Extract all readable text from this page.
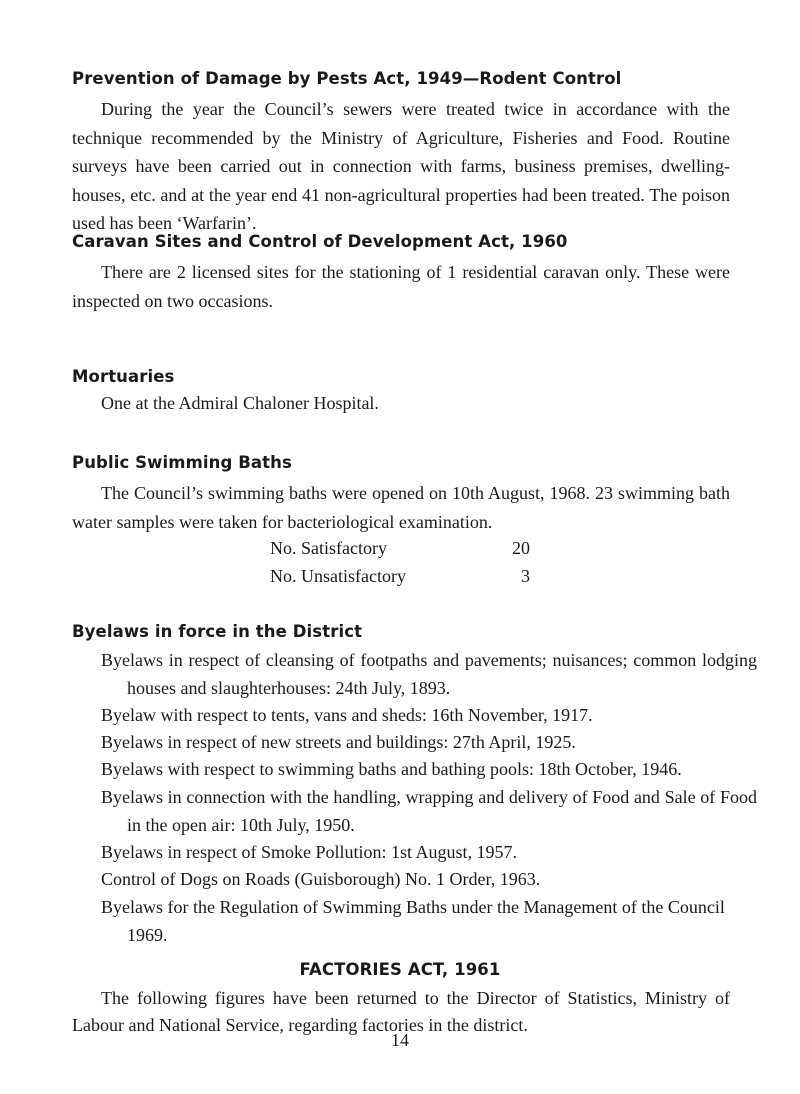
Prevention of Damage by Pests Act, 1949—Rodent Control

During the year the Council’s sewers were treated twice in accordance with the technique recommended by the Ministry of Agriculture, Fisheries and Food. Routine surveys have been carried out in connection with farms, business premises, dwelling-houses, etc. and at the year end 41 non-agricultural properties had been treated. The poison used has been ‘Warfarin’.

Caravan Sites and Control of Development Act, 1960

There are 2 licensed sites for the stationing of 1 residential caravan only. These were inspected on two occasions.

Mortuaries

One at the Admiral Chaloner Hospital.

Public Swimming Baths

The Council’s swimming baths were opened on 10th August, 1968. 23 swimming bath water samples were taken for bacteriological examination.

No. Satisfactory	20
No. Unsatisfactory	3
Byelaws in force in the District

Byelaws in respect of cleansing of footpaths and pavements; nuisances; common lodging houses and slaughterhouses: 24th July, 1893.

Byelaw with respect to tents, vans and sheds: 16th November, 1917.

Byelaws in respect of new streets and buildings: 27th April, 1925.

Byelaws with respect to swimming baths and bathing pools: 18th October, 1946.

Byelaws in connection with the handling, wrapping and delivery of Food and Sale of Food in the open air: 10th July, 1950.

Byelaws in respect of Smoke Pollution: 1st August, 1957.

Control of Dogs on Roads (Guisborough) No. 1 Order, 1963.

Byelaws for the Regulation of Swimming Baths under the Management of the Council 1969.

FACTORIES ACT, 1961

The following figures have been returned to the Director of Statistics, Ministry of Labour and National Service, regarding factories in the district.

14
